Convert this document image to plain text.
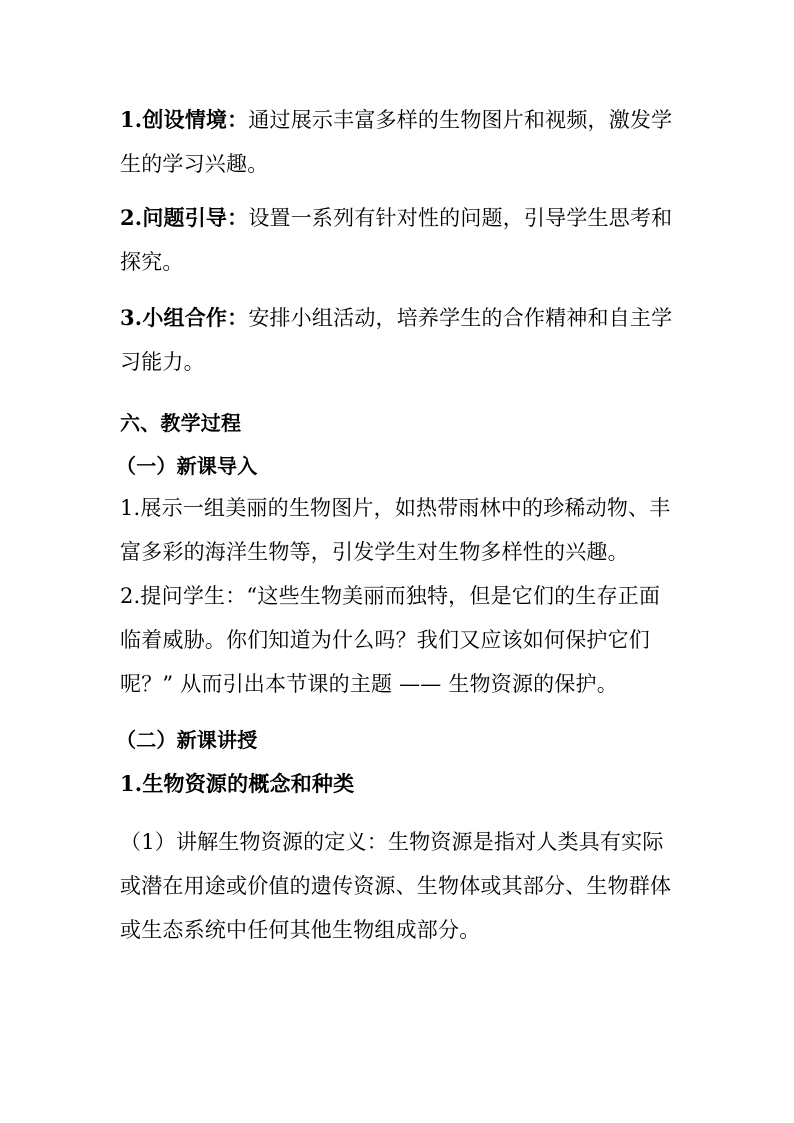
1.创设情境：通过展示丰富多样的生物图片和视频，激发学生的学习兴趣。
2.问题引导：设置一系列有针对性的问题，引导学生思考和探究。
3.小组合作：安排小组活动，培养学生的合作精神和自主学习能力。
六、教学过程
（一）新课导入
1.展示一组美丽的生物图片，如热带雨林中的珍稀动物、丰富多彩的海洋生物等，引发学生对生物多样性的兴趣。
2.提问学生：“这些生物美丽而独特，但是它们的生存正面临着威胁。你们知道为什么吗？我们又应该如何保护它们呢？” 从而引出本节课的主题 —— 生物资源的保护。
（二）新课讲授
1.生物资源的概念和种类
（1）讲解生物资源的定义：生物资源是指对人类具有实际或潜在用途或价值的遗传资源、生物体或其部分、生物群体或生态系统中任何其他生物组成部分。
